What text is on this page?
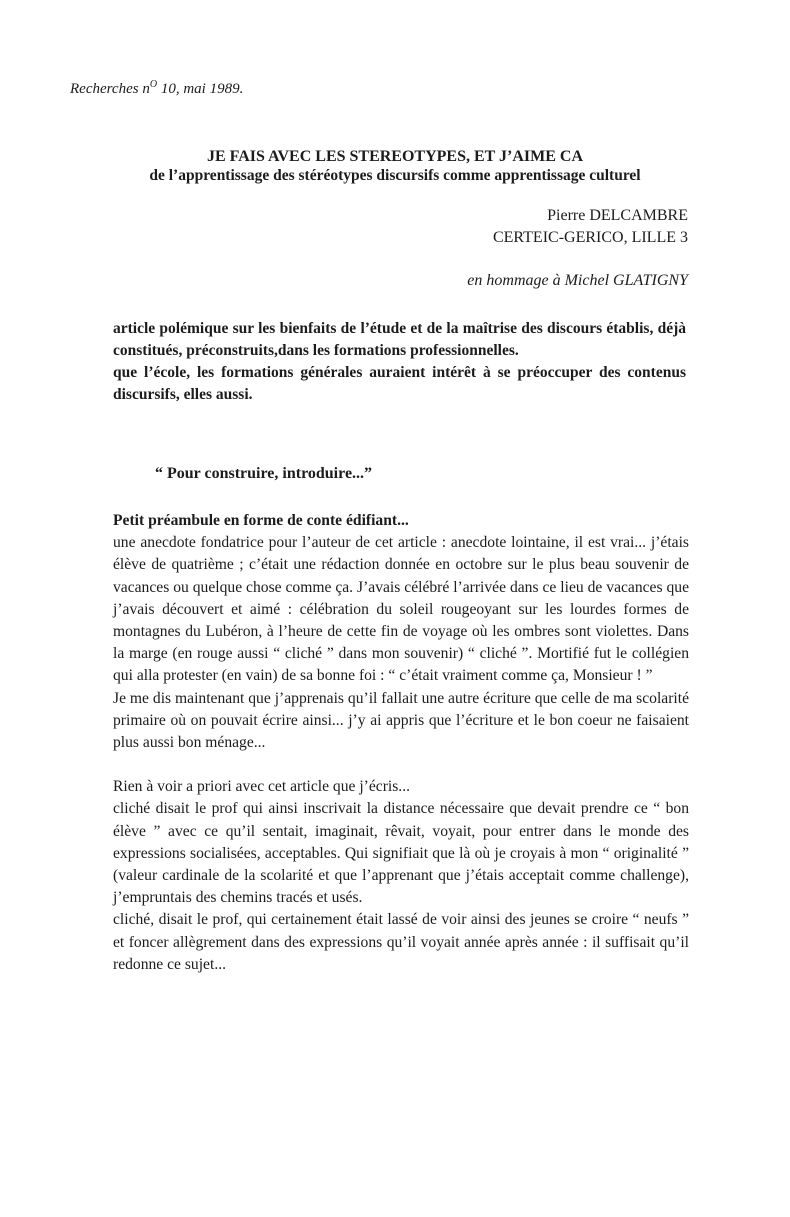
Recherches $n^O$ 10, mai 1989.
JE FAIS AVEC LES STEREOTYPES, ET J’AIME CA
de l’apprentissage des stéréotypes discursifs comme apprentissage culturel
Pierre DELCAMBRE
CERTEIC-GERICO, LILLE 3
en hommage à Michel GLATIGNY

article polémique sur les bienfaits de l’étude et de la maîtrise des discours établis, déjà constitués, préconstruits,dans les formations professionnelles.

que l’école, les formations générales auraient intérêt à se préoccuper des contenus discursifs, elles aussi.

“ Pour construire, introduire...”

Petit préambule en forme de conte édifiant...

une anecdote fondatrice pour l’auteur de cet article : anecdote lointaine, il est vrai... j’étais élève de quatrième ; c’était une rédaction donnée en octobre sur le plus beau souvenir de vacances ou quelque chose comme ça. J’avais célébré l’arrivée dans ce lieu de vacances que j’avais découvert et aimé : célébration du soleil rougeoyant sur les lourdes formes de montagnes du Lubéron, à l’heure de cette fin de voyage où les ombres sont violettes. Dans la marge (en rouge aussi “ cliché ” dans mon souvenir) “ cliché ”. Mortifié fut le collégien qui alla protester (en vain) de sa bonne foi : “ c’était vraiment comme ça, Monsieur ! ”

Je me dis maintenant que j’apprenais qu’il fallait une autre écriture que celle de ma scolarité primaire où on pouvait écrire ainsi... j’y ai appris que l’écriture et le bon coeur ne faisaient plus aussi bon ménage...

Rien à voir a priori avec cet article que j’écris...

cliché disait le prof qui ainsi inscrivait la distance nécessaire que devait prendre ce “ bon élève ” avec ce qu’il sentait, imaginait, rêvait, voyait, pour entrer dans le monde des expressions socialisées, acceptables. Qui signifiait que là où je croyais à mon “ originalité ” (valeur cardinale de la scolarité et que l’apprenant que j’étais acceptait comme challenge), j’empruntais des chemins tracés et usés.

cliché, disait le prof, qui certainement était lassé de voir ainsi des jeunes se croire “ neufs ” et foncer allègrement dans des expressions qu’il voyait année après année : il suffisait qu’il redonne ce sujet...
